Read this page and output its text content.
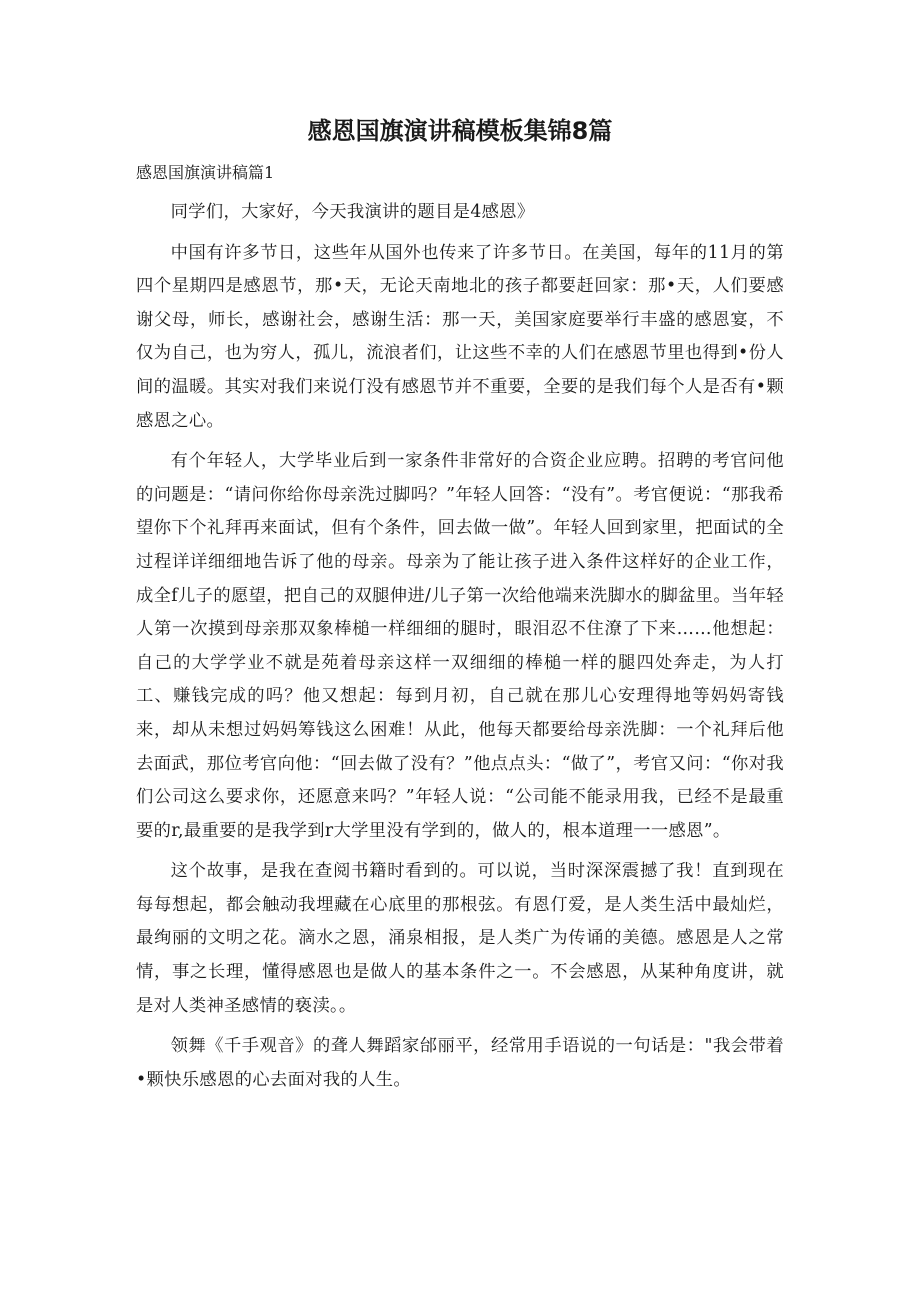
感恩国旗演讲稿模板集锦8篇
感恩国旗演讲稿篇1

同学们，大家好，今天我演讲的题目是4感恩》

中国有许多节日，这些年从国外也传来了许多节日。在美国，每年的11月的第四个星期四是感恩节，那•天，无论天南地北的孩子都要赶回家：那•天，人们要感谢父母，师长，感谢社会，感谢生活：那一天，美国家庭要举行丰盛的感恩宴，不仅为自己，也为穷人，孤儿，流浪者们，让这些不幸的人们在感恩节里也得到•份人间的温暖。其实对我们来说仃没有感恩节并不重要，全要的是我们每个人是否有•颗感恩之心。

有个年轻人，大学毕业后到一家条件非常好的合资企业应聘。招聘的考官问他的问题是：“请问你给你母亲洗过脚吗？”年轻人回答：“没有”。考官便说：“那我希望你下个礼拜再来面试，但有个条件，回去做一做”。年轻人回到家里，把面试的全过程详详细细地告诉了他的母亲。母亲为了能让孩子进入条件这样好的企业工作，成全f儿子的愿望，把自己的双腿伸进/儿子第一次给他端来洗脚水的脚盆里。当年轻人第一次摸到母亲那双象棒槌一样细细的腿时，眼泪忍不住潦了下来……他想起：自己的大学学业不就是苑着母亲这样一双细细的棒槌一样的腿四处奔走，为人打工、赚钱完成的吗？他又想起：每到月初，自己就在那儿心安理得地等妈妈寄钱来，却从未想过妈妈筹钱这么困难！从此，他每天都要给母亲洗脚：一个礼拜后他去面武，那位考官向他：“回去做了没有？”他点点头：“做了”，考官又问：“你对我们公司这么要求你，还愿意来吗？”年轻人说：“公司能不能录用我，已经不是最重要的r,最重要的是我学到r大学里没有学到的，做人的，根本道理一一感恩”。

这个故事，是我在查阅书籍时看到的。可以说，当时深深震撼了我！直到现在每每想起，都会触动我埋藏在心底里的那根弦。有恩仃爱，是人类生活中最灿烂，最绚丽的文明之花。滴水之恩，涌泉相报，是人类广为传诵的美德。感恩是人之常情，事之长理，懂得感恩也是做人的基本条件之一。不会感恩，从某种角度讲，就是对人类神圣感情的亵渎。。

领舞《千手观音》的聋人舞蹈家邰丽平，经常用手语说的一句话是："我会带着•颗快乐感恩的心去面对我的人生。
